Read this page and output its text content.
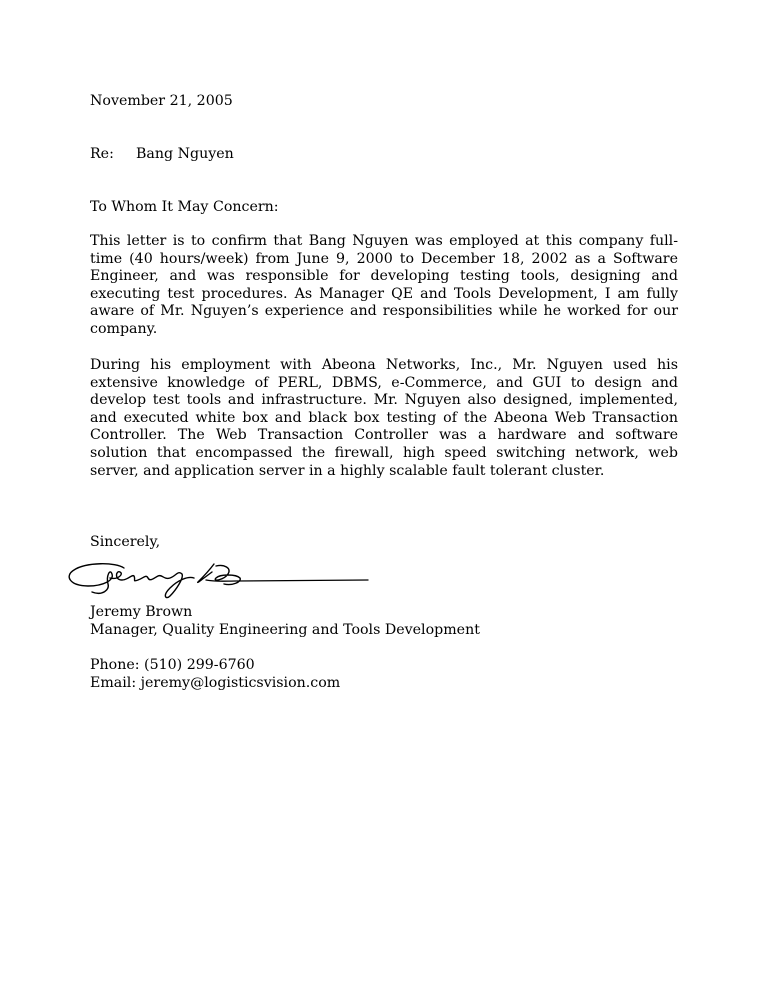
November 21, 2005
Re: Bang Nguyen
To Whom It May Concern:
This letter is to confirm that Bang Nguyen was employed at this company full-time (40 hours/week) from June 9, 2000 to December 18, 2002 as a Software Engineer, and was responsible for developing testing tools, designing and executing test procedures. As Manager QE and Tools Development, I am fully aware of Mr. Nguyen’s experience and responsibilities while he worked for our company.
During his employment with Abeona Networks, Inc., Mr. Nguyen used his extensive knowledge of PERL, DBMS, e-Commerce, and GUI to design and develop test tools and infrastructure. Mr. Nguyen also designed, implemented, and executed white box and black box testing of the Abeona Web Transaction Controller. The Web Transaction Controller was a hardware and software solution that encompassed the firewall, high speed switching network, web server, and application server in a highly scalable fault tolerant cluster.
Sincerely,
Jeremy Brown
Manager, Quality Engineering and Tools Development
Phone: (510) 299-6760
Email: jeremy@logisticsvision.com
